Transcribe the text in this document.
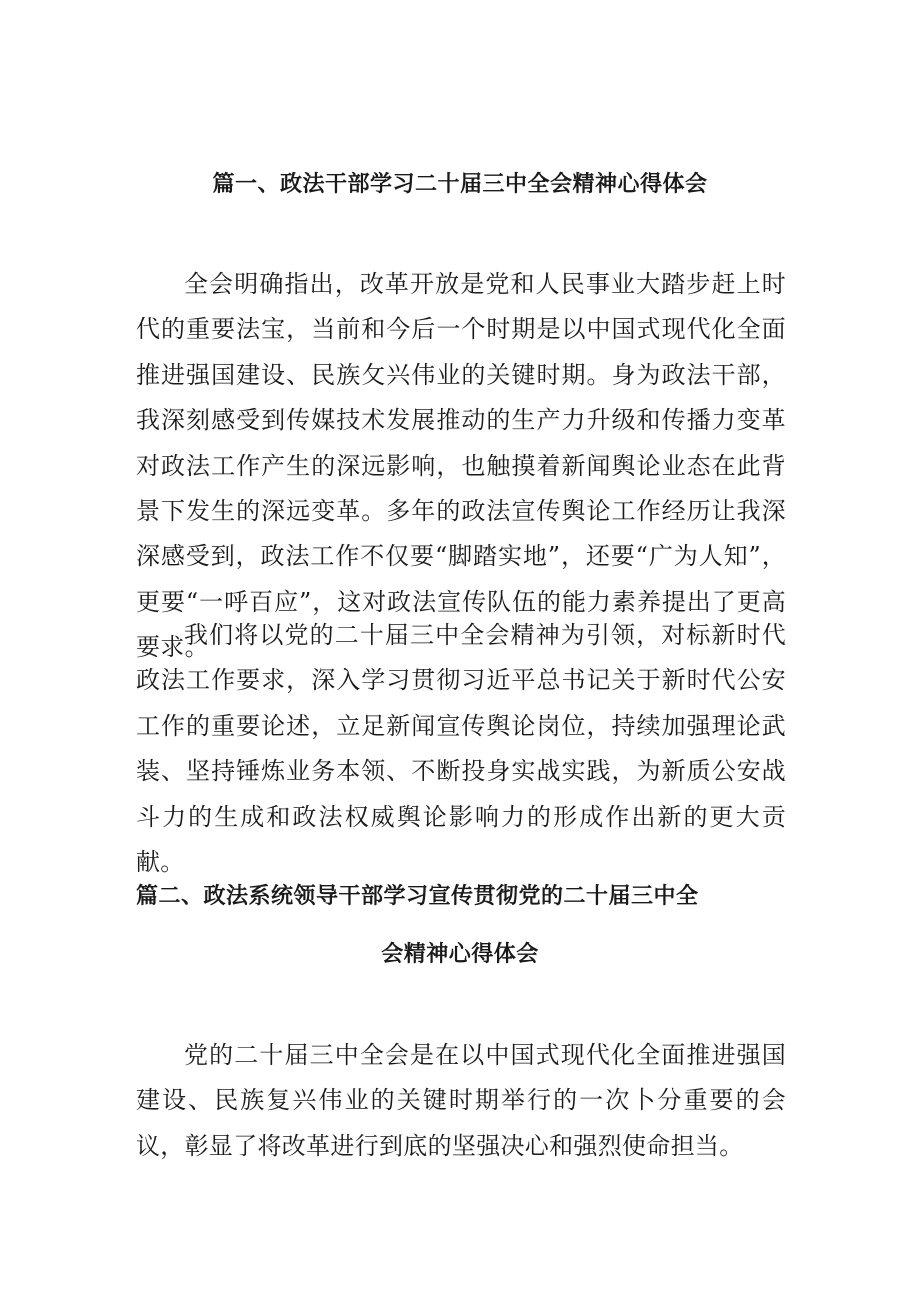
篇一、政法干部学习二十届三中全会精神心得体会

全会明确指出，改革开放是党和人民事业大踏步赶上时代的重要法宝，当前和今后一个时期是以中国式现代化全面推进强国建设、民族攵兴伟业的关键时期。身为政法干部，我深刻感受到传媒技术发展推动的生产力升级和传播力变革对政法工作产生的深远影响，也触摸着新闻舆论业态在此背景下发生的深远变革。多年的政法宣传舆论工作经历让我深深感受到，政法工作不仅要“脚踏实地”，还要“广为人知”，更要“一呼百应”，这对政法宣传队伍的能力素养提出了更高要求。

我们将以党的二十届三中全会精神为引领，对标新时代政法工作要求，深入学习贯彻习近平总书记关于新时代公安工作的重要论述，立足新闻宣传舆论岗位，持续加强理论武装、坚持锤炼业务本领、不断投身实战实践，为新质公安战斗力的生成和政法权威舆论影响力的形成作出新的更大贡献。

篇二、政法系统领导干部学习宣传贯彻党的二十届三中全
会精神心得体会

党的二十届三中全会是在以中国式现代化全面推进强国建设、民族复兴伟业的关键时期举行的一次卜分重要的会议，彰显了将改革进行到底的坚强决心和强烈使命担当。
